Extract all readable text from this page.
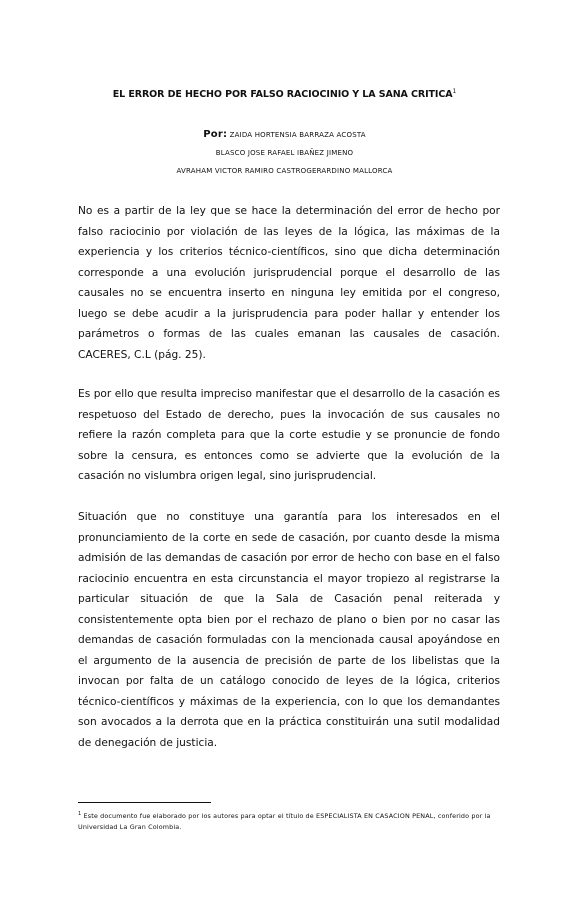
EL ERROR DE HECHO POR FALSO RACIOCINIO Y LA SANA CRITICA$^1$
Por: ZAIDA HORTENSIA BARRAZA ACOSTA
BLASCO JOSE RAFAEL IBAÑEZ JIMENO
AVRAHAM VICTOR RAMIRO CASTROGERARDINO MALLORCA

No es a partir de la ley que se hace la determinación del error de hecho por falso raciocinio por violación de las leyes de la lógica, las máximas de la experiencia y los criterios técnico-científicos, sino que dicha determinación corresponde a una evolución jurisprudencial porque el desarrollo de las causales no se encuentra inserto en ninguna ley emitida por el congreso, luego se debe acudir a la jurisprudencia para poder hallar y entender los parámetros o formas de las cuales emanan las causales de casación. CACERES, C.L (pág. 25).

Es por ello que resulta impreciso manifestar que el desarrollo de la casación es respetuoso del Estado de derecho, pues la invocación de sus causales no refiere la razón completa para que la corte estudie y se pronuncie de fondo sobre la censura, es entonces como se advierte que la evolución de la casación no vislumbra origen legal, sino jurisprudencial.

Situación que no constituye una garantía para los interesados en el pronunciamiento de la corte en sede de casación, por cuanto desde la misma admisión de las demandas de casación por error de hecho con base en el falso raciocinio encuentra en esta circunstancia el mayor tropiezo al registrarse la particular situación de que la Sala de Casación penal reiterada y consistentemente opta bien por el rechazo de plano o bien por no casar las demandas de casación formuladas con la mencionada causal apoyándose en el argumento de la ausencia de precisión de parte de los libelistas que la invocan por falta de un catálogo conocido de leyes de la lógica, criterios técnico-científicos y máximas de la experiencia, con lo que los demandantes son avocados a la derrota que en la práctica constituirán una sutil modalidad de denegación de justicia.

$^1$ Este documento fue elaborado por los autores para optar el título de ESPECIALISTA EN CASACION PENAL, conferido por la Universidad La Gran Colombia.
